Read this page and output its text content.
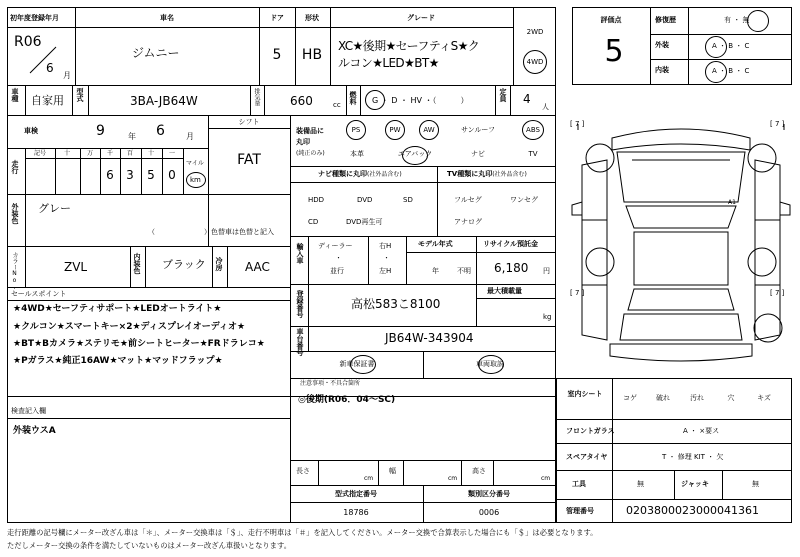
初年度登録年月
R06
6
月
車名
ジムニー
ドア
5
形状
HB
グレード
XC★後期★セーフティS★ク
ルコン★LED★BT★
2WD
4WD
車種 自家用 型式	3BA-JB64W	排気量	660	cc 燃料 G ・ D ・ HV ・（　　　）	定員 4
人
車検	9	年 6	月
シフト
FAT
走行
記号	十	万 千 百 十 一
6 3 5 0
マイル
km
外装色 グレー
（　　　　　　　）色替車は色替と記入
カラーNo.	ZVL	内装色 ブラック 冷房 AAC
セールスポイント
★4WD★セーフティサポート★LEDオートライト★
★クルコン★スマートキー×2★ディスプレイオーディオ★
★BT★Bカメラ★ステリモ★前シートヒーター★FRドラレコ★
★Pガラス★純正16AW★マット★マッドフラップ★
検査記入欄
外装ウスA
装備品に
丸印
(純正のみ)
PS	PW	AW	サンルーフ	ABS
本革	エアバック	ナビ	TV
ナビ種類に丸印(社外品含む)	TV種類に丸印(社外品含む)
HDD	DVD	SD
CD	DVD再生可
フルセグ	ワンセグ
アナログ
輸入車 ディーラー
・
並行
右H
・
左H
モデル年式
年	不明
リサイクル預託金
6,180 円
登録番号	高松583こ8100
最大積載量
kg
車台番号	JB64W-343904
新車保証書	車両取説
注意事項・不具合箇所
◎後期(R06．04〜SC)
長さ
cm
幅
cm
高さ
cm
型式指定番号	類別区分番号
18786	0006
評価点
5
修復歴	有 ・ 無
外装	A ・ B ・ C
内装	A ・ B ・ C
[ 7 ]	[ 7 ]
[ 7 ]	[ 7 ]
A1
室内シート	コゲ	破れ	汚れ	穴	キズ
フロントガラス	A ・ ×要ス
スペアタイヤ	T ・ 修理 KIT ・ 欠
工具	無	ジャッキ	無
管理番号	0203800023000041361
走行距離の記号欄にメーター改ざん車は「＊」、メーター交換車は「＄」、走行不明車は「＃」を記入してください。メーター交換で合算表示した場合にも「＄」は必要となります。
ただしメーター交換の条件を満たしていないものはメーター改ざん車扱いとなります。
